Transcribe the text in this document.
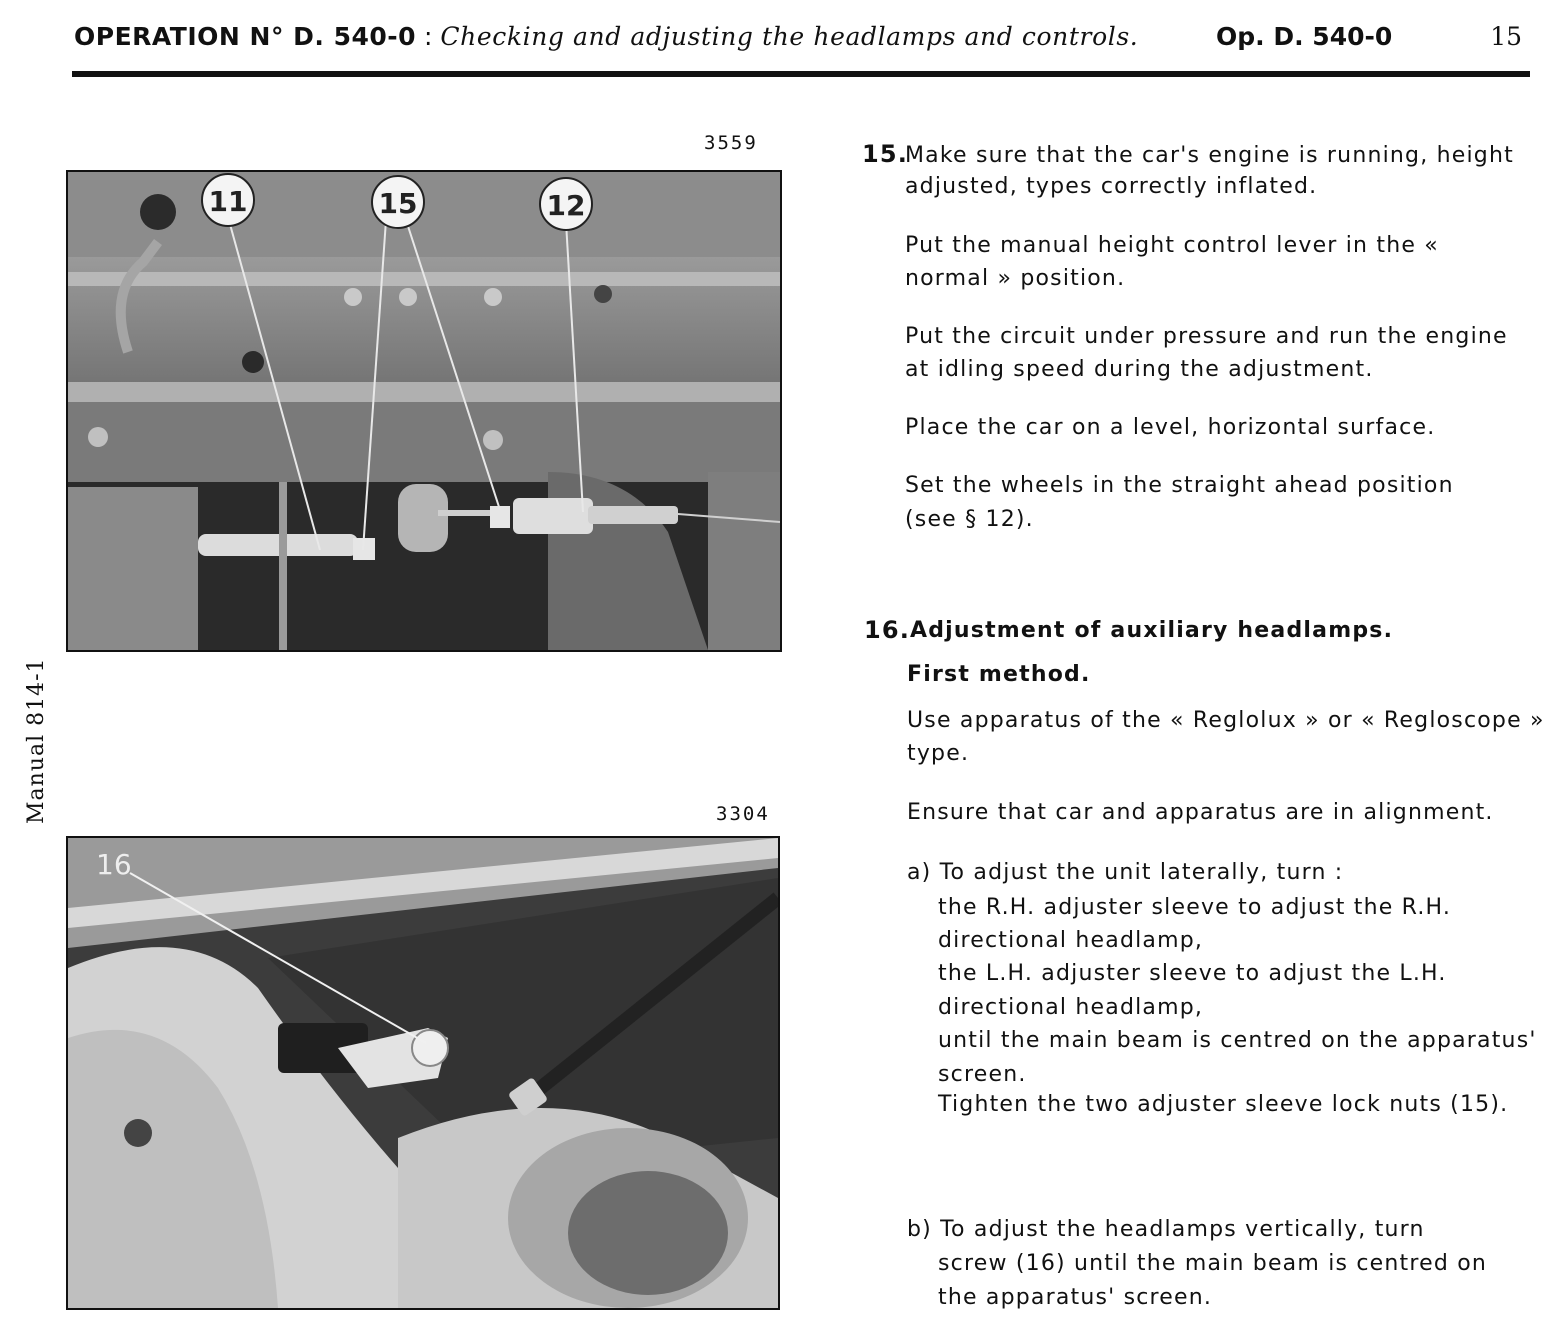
OPERATION N° D. 540-0 : Checking and adjusting the headlamps and controls.	Op. D. 540-0	15
Manual 814-1
3559
11	15	12
3304
16
15.
Make sure that the car's engine is running, height
adjusted, types correctly inflated.
Put the manual height control lever in the «
normal » position.
Put the circuit under pressure and run the engine
at idling speed during the adjustment.
Place the car on a level, horizontal surface.
Set the wheels in the straight ahead position
(see § 12).
16. Adjustment of auxiliary headlamps.
First method.
Use apparatus of the « Reglolux » or « Regloscope »
type.
Ensure that car and apparatus are in alignment.
a) To adjust the unit laterally, turn :
the R.H. adjuster sleeve to adjust the R.H.
directional headlamp,
the L.H. adjuster sleeve to adjust the L.H.
directional headlamp,
until the main beam is centred on the apparatus'
screen.
Tighten the two adjuster sleeve lock nuts (15).
b) To adjust the headlamps vertically, turn
screw (16) until the main beam is centred on
the apparatus' screen.
